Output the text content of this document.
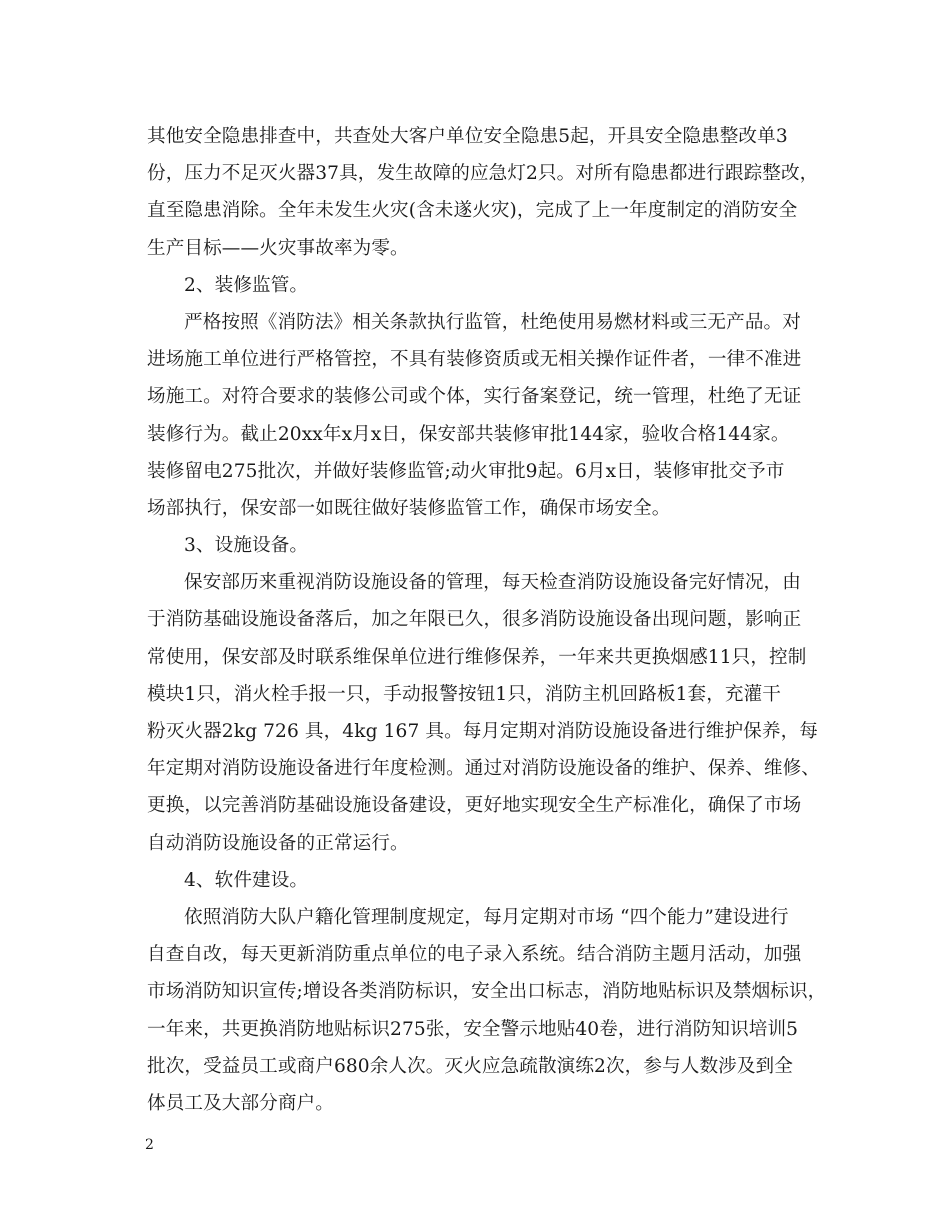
其他安全隐患排查中，共查处大客户单位安全隐患5起，开具安全隐患整改单3
份，压力不足灭火器37具，发生故障的应急灯2只。对所有隐患都进行跟踪整改，
直至隐患消除。全年未发生火灾(含未遂火灾)，完成了上一年度制定的消防安全
生产目标——火灾事故率为零。
2、装修监管。
严格按照《消防法》相关条款执行监管，杜绝使用易燃材料或三无产品。对
进场施工单位进行严格管控，不具有装修资质或无相关操作证件者，一律不准进
场施工。对符合要求的装修公司或个体，实行备案登记，统一管理，杜绝了无证
装修行为。截止20xx年x月x日，保安部共装修审批144家，验收合格144家。
装修留电275批次，并做好装修监管;动火审批9起。6月x日，装修审批交予市
场部执行，保安部一如既往做好装修监管工作，确保市场安全。
3、设施设备。
保安部历来重视消防设施设备的管理，每天检查消防设施设备完好情况，由
于消防基础设施设备落后，加之年限已久，很多消防设施设备出现问题，影响正
常使用，保安部及时联系维保单位进行维修保养，一年来共更换烟感11只，控制
模块1只，消火栓手报一只，手动报警按钮1只，消防主机回路板1套，充灌干
粉灭火器2kg 726 具，4kg 167 具。每月定期对消防设施设备进行维护保养，每
年定期对消防设施设备进行年度检测。通过对消防设施设备的维护、保养、维修、
更换，以完善消防基础设施设备建设，更好地实现安全生产标准化，确保了市场
自动消防设施设备的正常运行。
4、软件建设。
依照消防大队户籍化管理制度规定，每月定期对市场 “四个能力”建设进行
自查自改，每天更新消防重点单位的电子录入系统。结合消防主题月活动，加强
市场消防知识宣传;增设各类消防标识，安全出口标志，消防地贴标识及禁烟标识，
一年来，共更换消防地贴标识275张，安全警示地贴40卷，进行消防知识培训5
批次，受益员工或商户680余人次。灭火应急疏散演练2次，参与人数涉及到全
体员工及大部分商户。
2
